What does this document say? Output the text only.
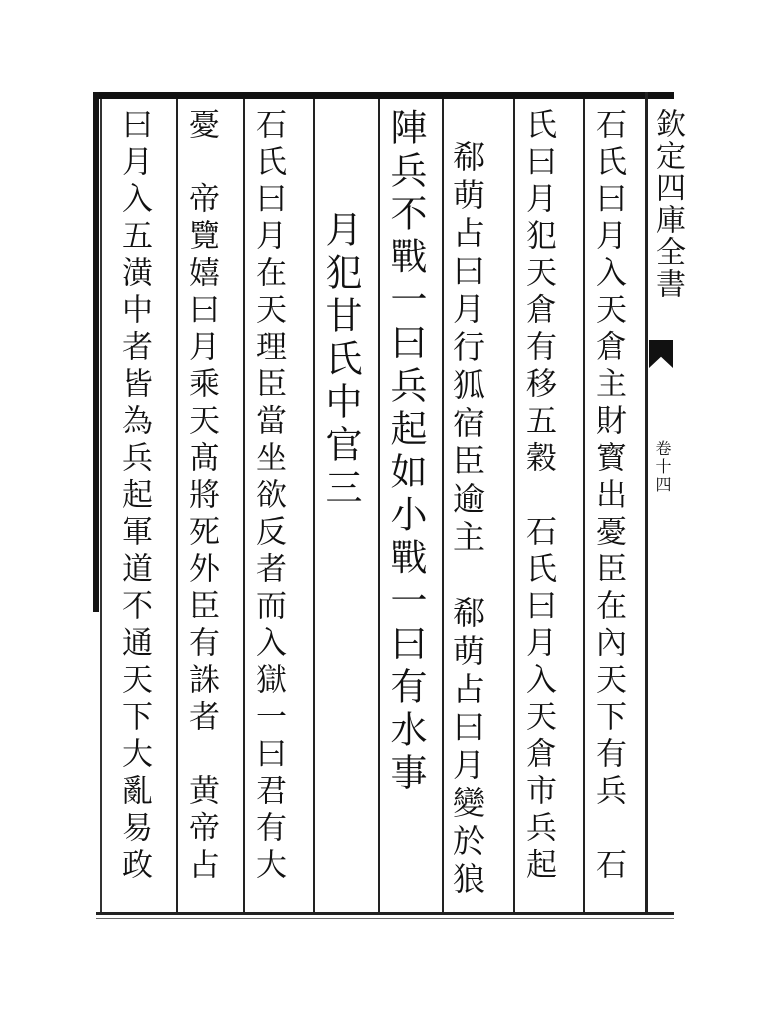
石氏曰月入天倉主財寳出憂臣在內天下有兵　石
氏曰月犯天倉有移五穀　石氏曰月入天倉市兵起
郗萌占曰月行狐宿臣逾主　郗萌占曰月變於狼
陣兵不戰一曰兵起如小戰一曰有水事
月犯甘氏中官三
石氏曰月在天理臣當坐欲反者而入獄一曰君有大
憂　帝覽嬉曰月乘天髙將死外臣有誅者　黄帝占
曰月入五潢中者皆為兵起軍道不通天下大亂易政	欽定四庫全書
卷十四
